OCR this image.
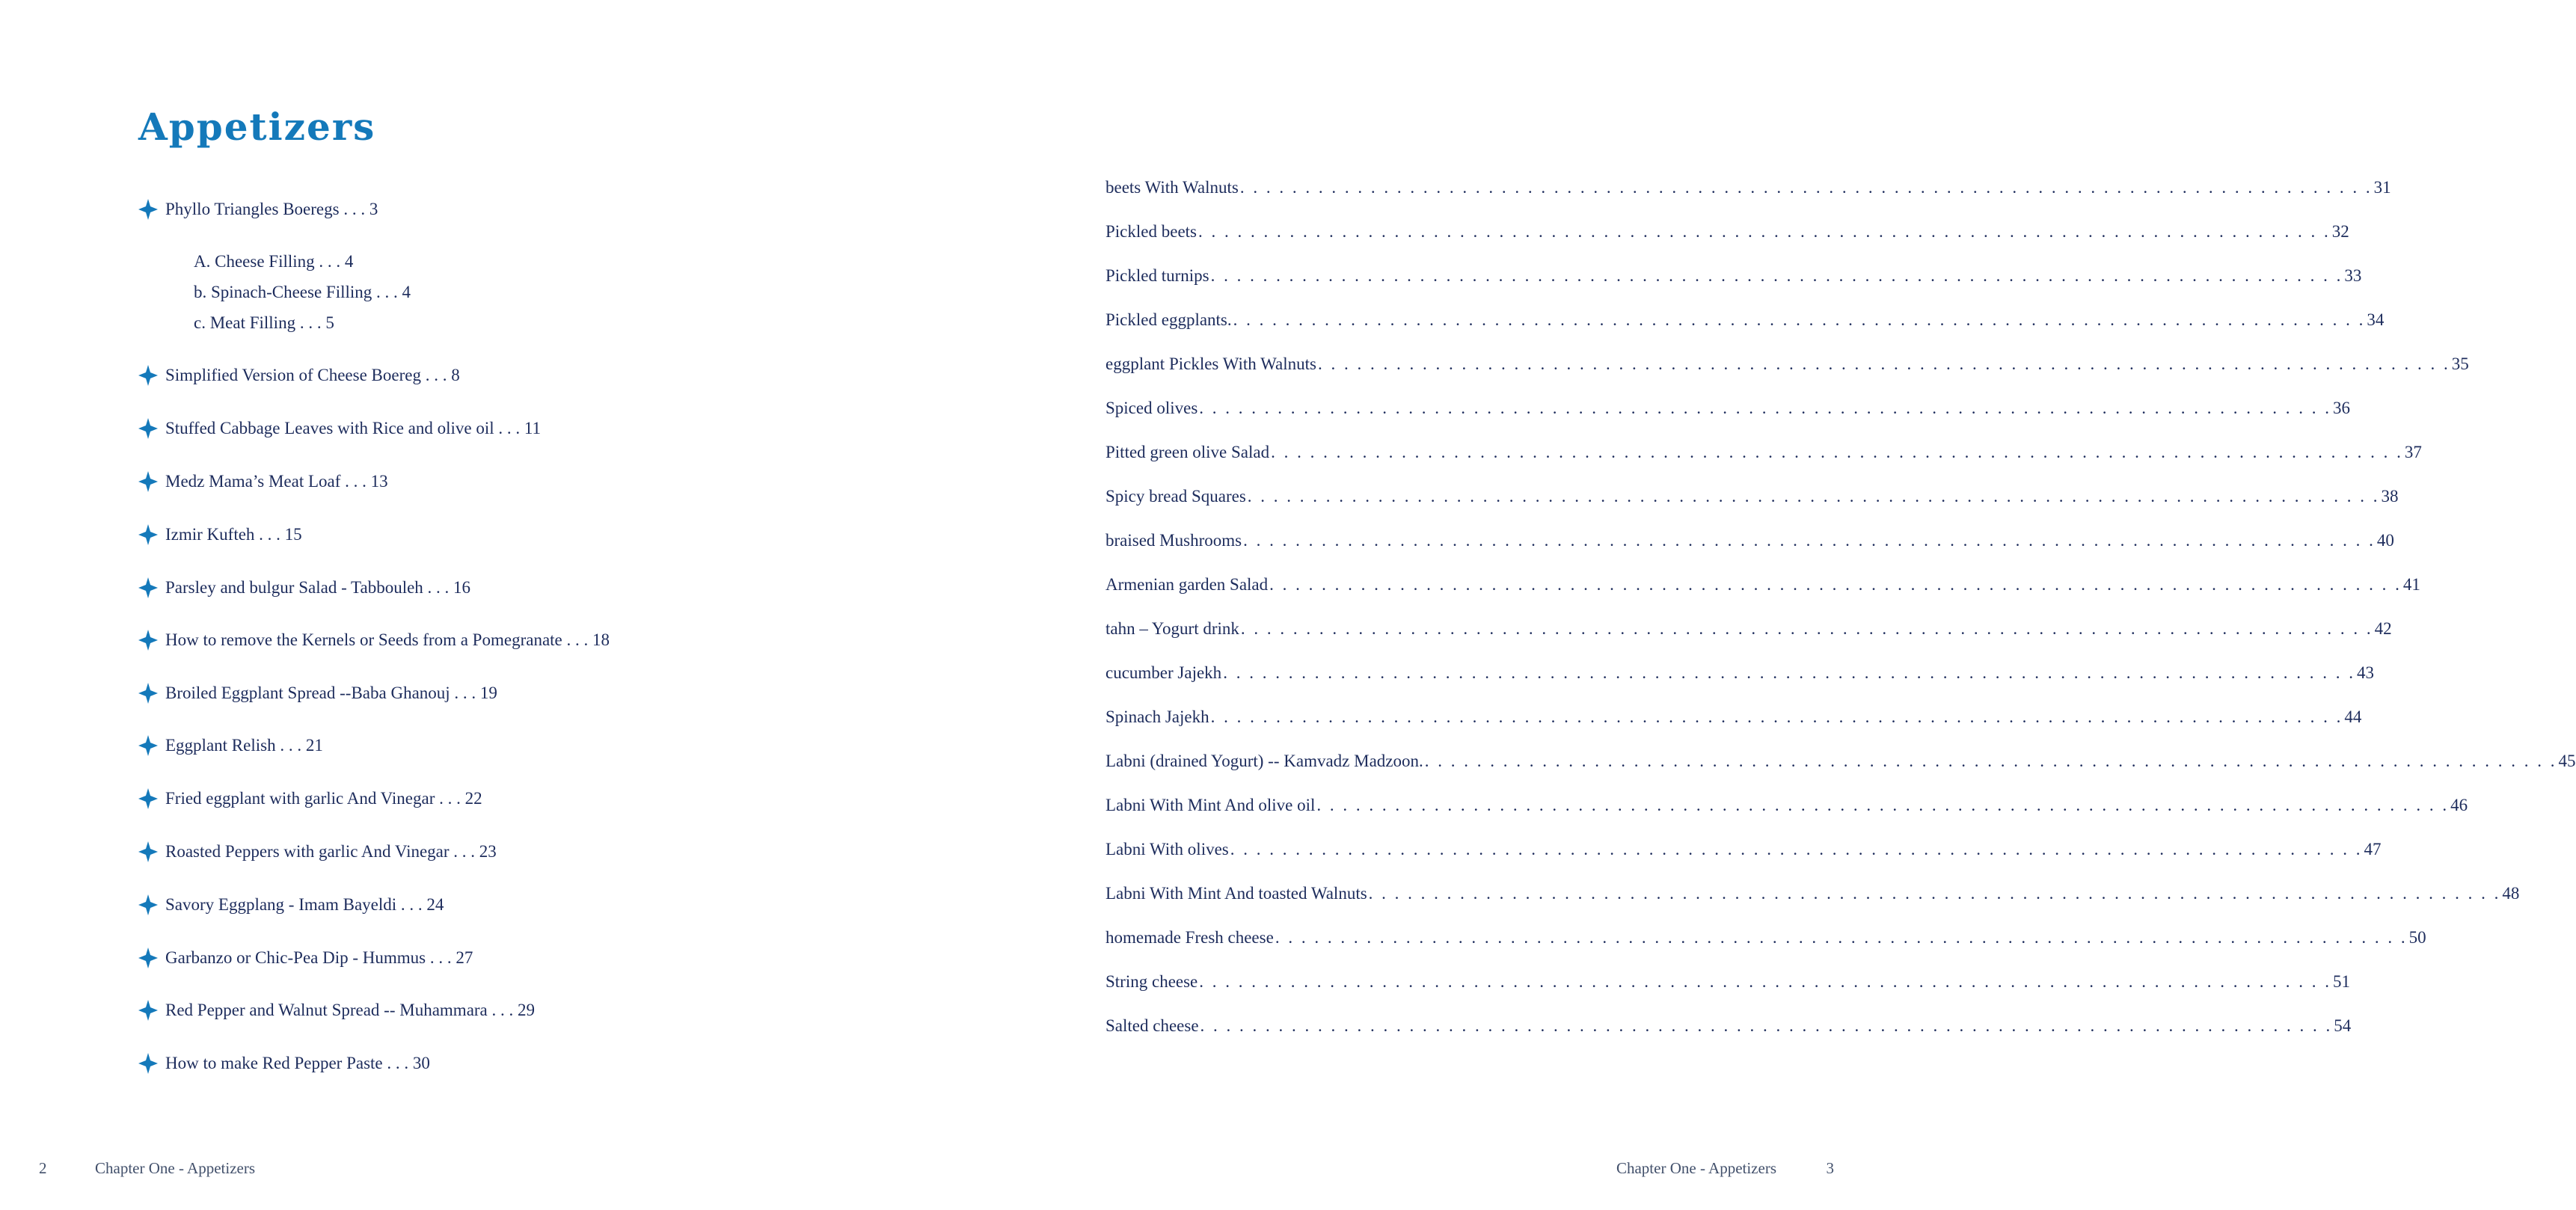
Appetizers
Phyllo Triangles Boeregs . . . 3
A. Cheese Filling . . . 4
b. Spinach-Cheese Filling . . . 4
c. Meat Filling . . . 5
Simplified Version of Cheese Boereg . . . 8
Stuffed Cabbage Leaves with Rice and olive oil . . . 11
Medz Mama’s Meat Loaf . . . 13
Izmir Kufteh . . . 15
Parsley and bulgur Salad - Tabbouleh . . . 16
How to remove the Kernels or Seeds from a Pomegranate . . . 18
Broiled Eggplant Spread --Baba Ghanouj . . . 19
Eggplant Relish . . . 21
Fried eggplant with garlic And Vinegar . . . 22
Roasted Peppers with garlic And Vinegar . . . 23
Savory Eggplang - Imam Bayeldi . . . 24
Garbanzo or Chic-Pea Dip - Hummus . . . 27
Red Pepper and Walnut Spread -- Muhammara . . . 29
How to make Red Pepper Paste . . . 30
beets With Walnuts . . . . . . . . . . . . . . . . . . . . . . . . . . . . . . . . . . . . . . . . . . . . . . . . . . . . . . . . . . . . . . . . . . . . . . . . . . . . . . . . . . . . . . . 31
Pickled beets . . . . . . . . . . . . . . . . . . . . . . . . . . . . . . . . . . . . . . . . . . . . . . . . . . . . . . . . . . . . . . . . . . . . . . . . . . . . . . . . . . . . . . . 32
Pickled turnips . . . . . . . . . . . . . . . . . . . . . . . . . . . . . . . . . . . . . . . . . . . . . . . . . . . . . . . . . . . . . . . . . . . . . . . . . . . . . . . . . . . . . . . 33
Pickled eggplants. . . . . . . . . . . . . . . . . . . . . . . . . . . . . . . . . . . . . . . . . . . . . . . . . . . . . . . . . . . . . . . . . . . . . . . . . . . . . . . . . . . . . . . . 34
eggplant Pickles With Walnuts . . . . . . . . . . . . . . . . . . . . . . . . . . . . . . . . . . . . . . . . . . . . . . . . . . . . . . . . . . . . . . . . . . . . . . . . . . . . . . . . . . . . . . . 35
Spiced olives . . . . . . . . . . . . . . . . . . . . . . . . . . . . . . . . . . . . . . . . . . . . . . . . . . . . . . . . . . . . . . . . . . . . . . . . . . . . . . . . . . . . . . . 36
Pitted green olive Salad . . . . . . . . . . . . . . . . . . . . . . . . . . . . . . . . . . . . . . . . . . . . . . . . . . . . . . . . . . . . . . . . . . . . . . . . . . . . . . . . . . . . . . . 37
Spicy bread Squares . . . . . . . . . . . . . . . . . . . . . . . . . . . . . . . . . . . . . . . . . . . . . . . . . . . . . . . . . . . . . . . . . . . . . . . . . . . . . . . . . . . . . . . 38
braised Mushrooms . . . . . . . . . . . . . . . . . . . . . . . . . . . . . . . . . . . . . . . . . . . . . . . . . . . . . . . . . . . . . . . . . . . . . . . . . . . . . . . . . . . . . . . 40
Armenian garden Salad . . . . . . . . . . . . . . . . . . . . . . . . . . . . . . . . . . . . . . . . . . . . . . . . . . . . . . . . . . . . . . . . . . . . . . . . . . . . . . . . . . . . . . . 41
tahn – Yogurt drink . . . . . . . . . . . . . . . . . . . . . . . . . . . . . . . . . . . . . . . . . . . . . . . . . . . . . . . . . . . . . . . . . . . . . . . . . . . . . . . . . . . . . . . 42
cucumber Jajekh . . . . . . . . . . . . . . . . . . . . . . . . . . . . . . . . . . . . . . . . . . . . . . . . . . . . . . . . . . . . . . . . . . . . . . . . . . . . . . . . . . . . . . . 43
Spinach Jajekh . . . . . . . . . . . . . . . . . . . . . . . . . . . . . . . . . . . . . . . . . . . . . . . . . . . . . . . . . . . . . . . . . . . . . . . . . . . . . . . . . . . . . . . 44
Labni (drained Yogurt) -- Kamvadz Madzoon. . . . . . . . . . . . . . . . . . . . . . . . . . . . . . . . . . . . . . . . . . . . . . . . . . . . . . . . . . . . . . . . . . . . . . . . . . . . . . . . . . . . . . . . 45
Labni With Mint And olive oil . . . . . . . . . . . . . . . . . . . . . . . . . . . . . . . . . . . . . . . . . . . . . . . . . . . . . . . . . . . . . . . . . . . . . . . . . . . . . . . . . . . . . . . 46
Labni With olives . . . . . . . . . . . . . . . . . . . . . . . . . . . . . . . . . . . . . . . . . . . . . . . . . . . . . . . . . . . . . . . . . . . . . . . . . . . . . . . . . . . . . . . 47
Labni With Mint And toasted Walnuts . . . . . . . . . . . . . . . . . . . . . . . . . . . . . . . . . . . . . . . . . . . . . . . . . . . . . . . . . . . . . . . . . . . . . . . . . . . . . . . . . . . . . . . 48
homemade Fresh cheese . . . . . . . . . . . . . . . . . . . . . . . . . . . . . . . . . . . . . . . . . . . . . . . . . . . . . . . . . . . . . . . . . . . . . . . . . . . . . . . . . . . . . . . 50
String cheese . . . . . . . . . . . . . . . . . . . . . . . . . . . . . . . . . . . . . . . . . . . . . . . . . . . . . . . . . . . . . . . . . . . . . . . . . . . . . . . . . . . . . . . 51
Salted cheese . . . . . . . . . . . . . . . . . . . . . . . . . . . . . . . . . . . . . . . . . . . . . . . . . . . . . . . . . . . . . . . . . . . . . . . . . . . . . . . . . . . . . . . 54
2	Chapter One - Appetizers	Chapter One - Appetizers	3
